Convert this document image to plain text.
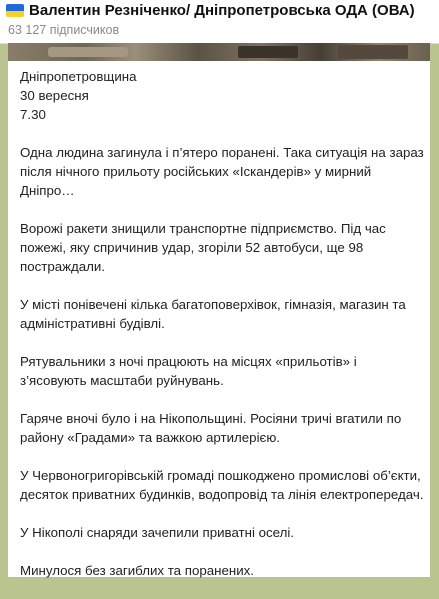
Валентин Резніченко/ Дніпропетровська ОДА (ОВА)
63 127 підписчиков

Дніпропетровщина

30 вересня

7.30

Одна людина загинула і п’ятеро поранені. Така ситуація на зараз після нічного прильоту російських «Іскандерів» у мирний Дніпро…

Ворожі ракети знищили транспортне підприємство. Під час пожежі, яку спричинив удар, згоріли 52 автобуси, ще 98 постраждали.

У місті понівечені кілька багатоповерхівок, гімназія, магазин та адміністративні будівлі.

Рятувальники з ночі працюють на місцях «прильотів» і з’ясовують масштаби руйнувань.

Гаряче вночі було і на Нікопольщині. Росіяни тричі вгатили по району «Градами» та важкою артилерією.

У Червоногригорівській громаді пошкоджено промислові об’єкти, десяток приватних будинків, водопровід та лінія електропередач.

У Нікополі снаряди зачепили приватні оселі.

Минулося без загиблих та поранених.
